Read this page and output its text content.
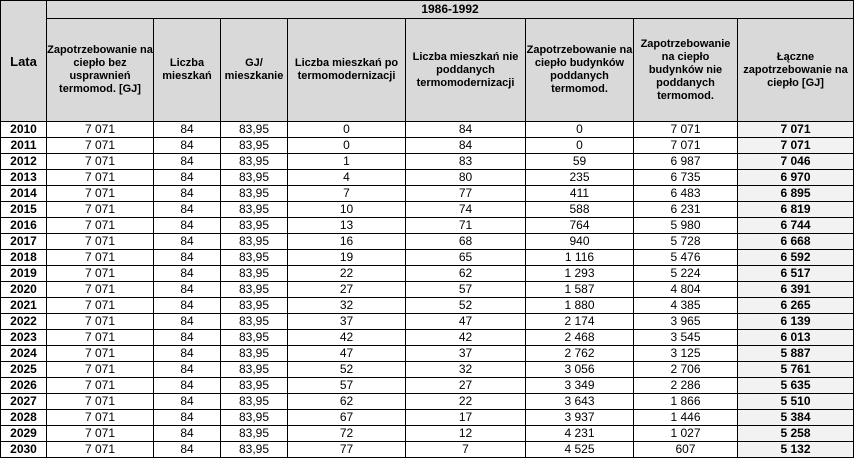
Lata	1986-1992							
	Zapotrzebowanie na ciepło bez usprawnień termomod. [GJ]	Liczba mieszkań	GJ/ mieszkanie	Liczba mieszkań po termomodernizacji	Liczba mieszkań nie poddanych termomodernizacji	Zapotrzebowanie na ciepło budynków poddanych termomod.	Zapotrzebowanie na ciepło budynków nie poddanych termomod.	Łączne zapotrzebowanie na ciepło [GJ]
2010	7 071	84	83,95	0	84	0	7 071	7 071
2011	7 071	84	83,95	0	84	0	7 071	7 071
2012	7 071	84	83,95	1	83	59	6 987	7 046
2013	7 071	84	83,95	4	80	235	6 735	6 970
2014	7 071	84	83,95	7	77	411	6 483	6 895
2015	7 071	84	83,95	10	74	588	6 231	6 819
2016	7 071	84	83,95	13	71	764	5 980	6 744
2017	7 071	84	83,95	16	68	940	5 728	6 668
2018	7 071	84	83,95	19	65	1 116	5 476	6 592
2019	7 071	84	83,95	22	62	1 293	5 224	6 517
2020	7 071	84	83,95	27	57	1 587	4 804	6 391
2021	7 071	84	83,95	32	52	1 880	4 385	6 265
2022	7 071	84	83,95	37	47	2 174	3 965	6 139
2023	7 071	84	83,95	42	42	2 468	3 545	6 013
2024	7 071	84	83,95	47	37	2 762	3 125	5 887
2025	7 071	84	83,95	52	32	3 056	2 706	5 761
2026	7 071	84	83,95	57	27	3 349	2 286	5 635
2027	7 071	84	83,95	62	22	3 643	1 866	5 510
2028	7 071	84	83,95	67	17	3 937	1 446	5 384
2029	7 071	84	83,95	72	12	4 231	1 027	5 258
2030	7 071	84	83,95	77	7	4 525	607	5 132
